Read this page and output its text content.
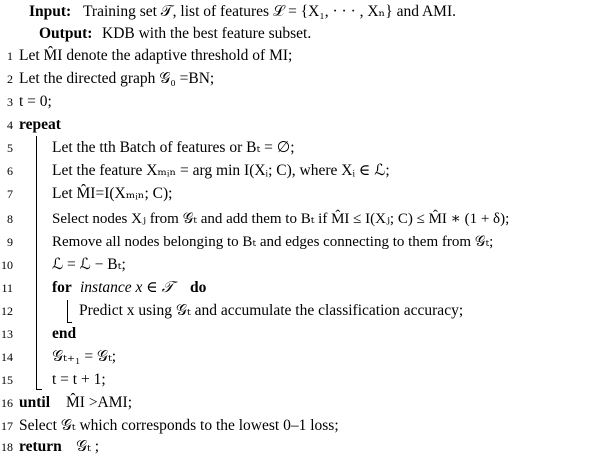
Input: Training set 𝒯, list of features ℒ = {X₁, · · · , Xₙ} and AMI.
Output: KDB with the best feature subset.
1 Let M̂I denote the adaptive threshold of MI;
2 Let the directed graph 𝒢₀ =BN;
3 t = 0;
4 repeat
5	Let the tth Batch of features or Bₜ = ∅;
6	Let the feature Xₘᵢₙ = arg min I(Xᵢ; C), where Xᵢ ∈ ℒ;
7	Let M̂I=I(Xₘᵢₙ; C);
8	Select nodes Xⱼ from 𝒢ₜ and add them to Bₜ if M̂I ≤ I(Xⱼ; C) ≤ M̂I ∗ (1 + δ);
9	Remove all nodes belonging to Bₜ and edges connecting to them from 𝒢ₜ;
10	ℒ = ℒ − Bₜ;
11	for instance x ∈ 𝒯 do
12	Predict x using 𝒢ₜ and accumulate the classification accuracy;
13	end
14	𝒢ₜ₊₁ = 𝒢ₜ;
15	t = t + 1;
16 until M̂I >AMI;
17 Select 𝒢ₜ which corresponds to the lowest 0–1 loss;
18 return 𝒢ₜ ;
